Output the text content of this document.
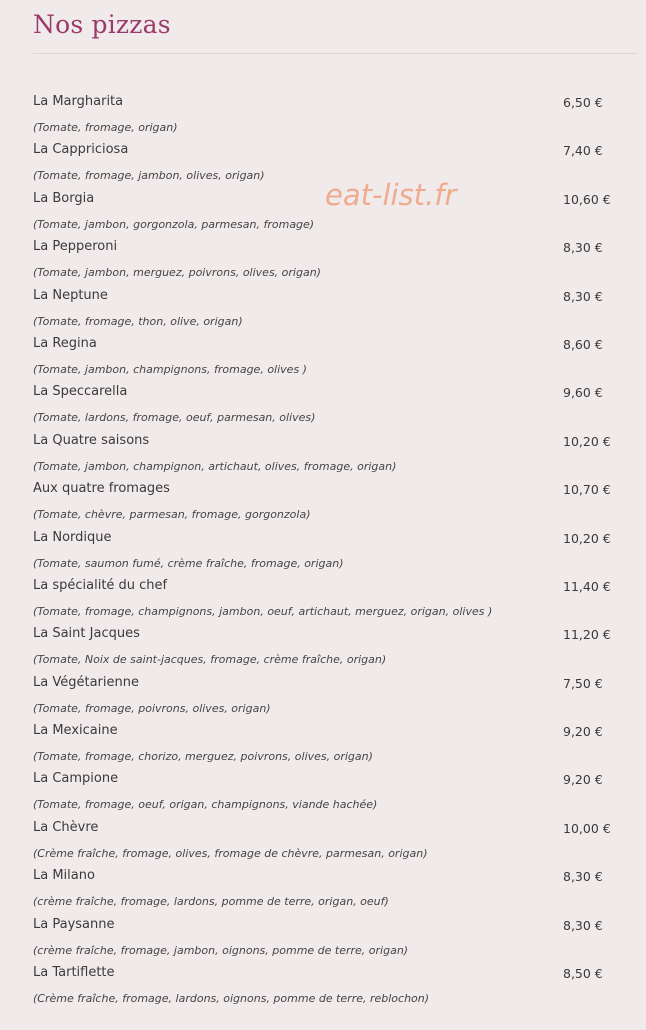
Nos pizzas
eat-list.fr
La Margharita	6,50 €
(Tomate, fromage, origan)
La Cappriciosa	7,40 €
(Tomate, fromage, jambon, olives, origan)
La Borgia	10,60 €
(Tomate, jambon, gorgonzola, parmesan, fromage)
La Pepperoni	8,30 €
(Tomate, jambon, merguez, poivrons, olives, origan)
La Neptune	8,30 €
(Tomate, fromage, thon, olive, origan)
La Regina	8,60 €
(Tomate, jambon, champignons, fromage, olives )
La Speccarella	9,60 €
(Tomate, lardons, fromage, oeuf, parmesan, olives)
La Quatre saisons	10,20 €
(Tomate, jambon, champignon, artichaut, olives, fromage, origan)
Aux quatre fromages	10,70 €
(Tomate, chèvre, parmesan, fromage, gorgonzola)
La Nordique	10,20 €
(Tomate, saumon fumé, crème fraîche, fromage, origan)
La spécialité du chef	11,40 €
(Tomate, fromage, champignons, jambon, oeuf, artichaut, merguez, origan, olives )
La Saint Jacques	11,20 €
(Tomate, Noix de saint-jacques, fromage, crème fraîche, origan)
La Végétarienne	7,50 €
(Tomate, fromage, poivrons, olives, origan)
La Mexicaine	9,20 €
(Tomate, fromage, chorizo, merguez, poivrons, olives, origan)
La Campione	9,20 €
(Tomate, fromage, oeuf, origan, champignons, viande hachée)
La Chèvre	10,00 €
(Crème fraîche, fromage, olives, fromage de chèvre, parmesan, origan)
La Milano	8,30 €
(crème fraîche, fromage, lardons, pomme de terre, origan, oeuf)
La Paysanne	8,30 €
(crème fraîche, fromage, jambon, oignons, pomme de terre, origan)
La Tartiflette	8,50 €
(Crème fraîche, fromage, lardons, oignons, pomme de terre, reblochon)
